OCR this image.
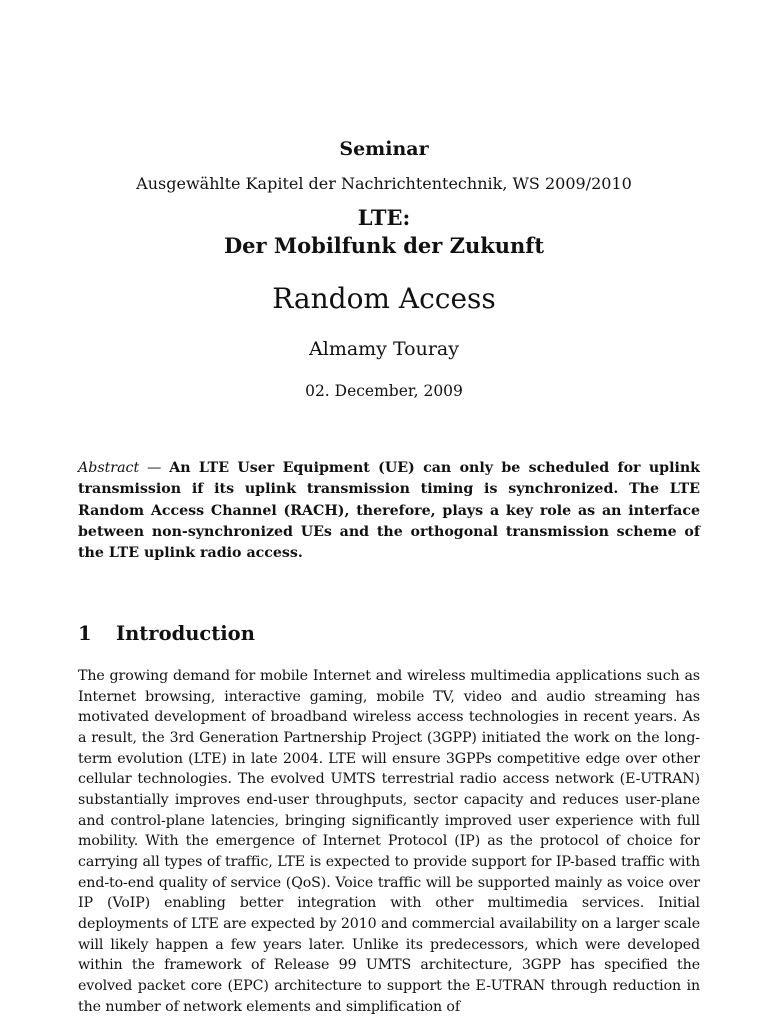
Seminar
Ausgewählte Kapitel der Nachrichtentechnik, WS 2009/2010
LTE:
Der Mobilfunk der Zukunft
Random Access
Almamy Touray
02. December, 2009
Abstract — An LTE User Equipment (UE) can only be scheduled for uplink transmission if its uplink transmission timing is synchronized. The LTE Random Access Channel (RACH), therefore, plays a key role as an interface between non-synchronized UEs and the orthogonal transmission scheme of the LTE uplink radio access.
1 Introduction
The growing demand for mobile Internet and wireless multimedia applications such as Internet browsing, interactive gaming, mobile TV, video and audio streaming has motivated development of broadband wireless access technologies in recent years. As a result, the 3rd Generation Partnership Project (3GPP) initiated the work on the long-term evolution (LTE) in late 2004. LTE will ensure 3GPPs competitive edge over other cellular technologies. The evolved UMTS terrestrial radio access network (E-UTRAN) substantially improves end-user throughputs, sector capacity and reduces user-plane and control-plane latencies, bringing significantly improved user experience with full mobility. With the emergence of Internet Protocol (IP) as the protocol of choice for carrying all types of traffic, LTE is expected to provide support for IP-based traffic with end-to-end quality of service (QoS). Voice traffic will be supported mainly as voice over IP (VoIP) enabling better integration with other multimedia services. Initial deployments of LTE are expected by 2010 and commercial availability on a larger scale will likely happen a few years later. Unlike its predecessors, which were developed within the framework of Release 99 UMTS architecture, 3GPP has specified the evolved packet core (EPC) architecture to support the E-UTRAN through reduction in the number of network elements and simplification of
